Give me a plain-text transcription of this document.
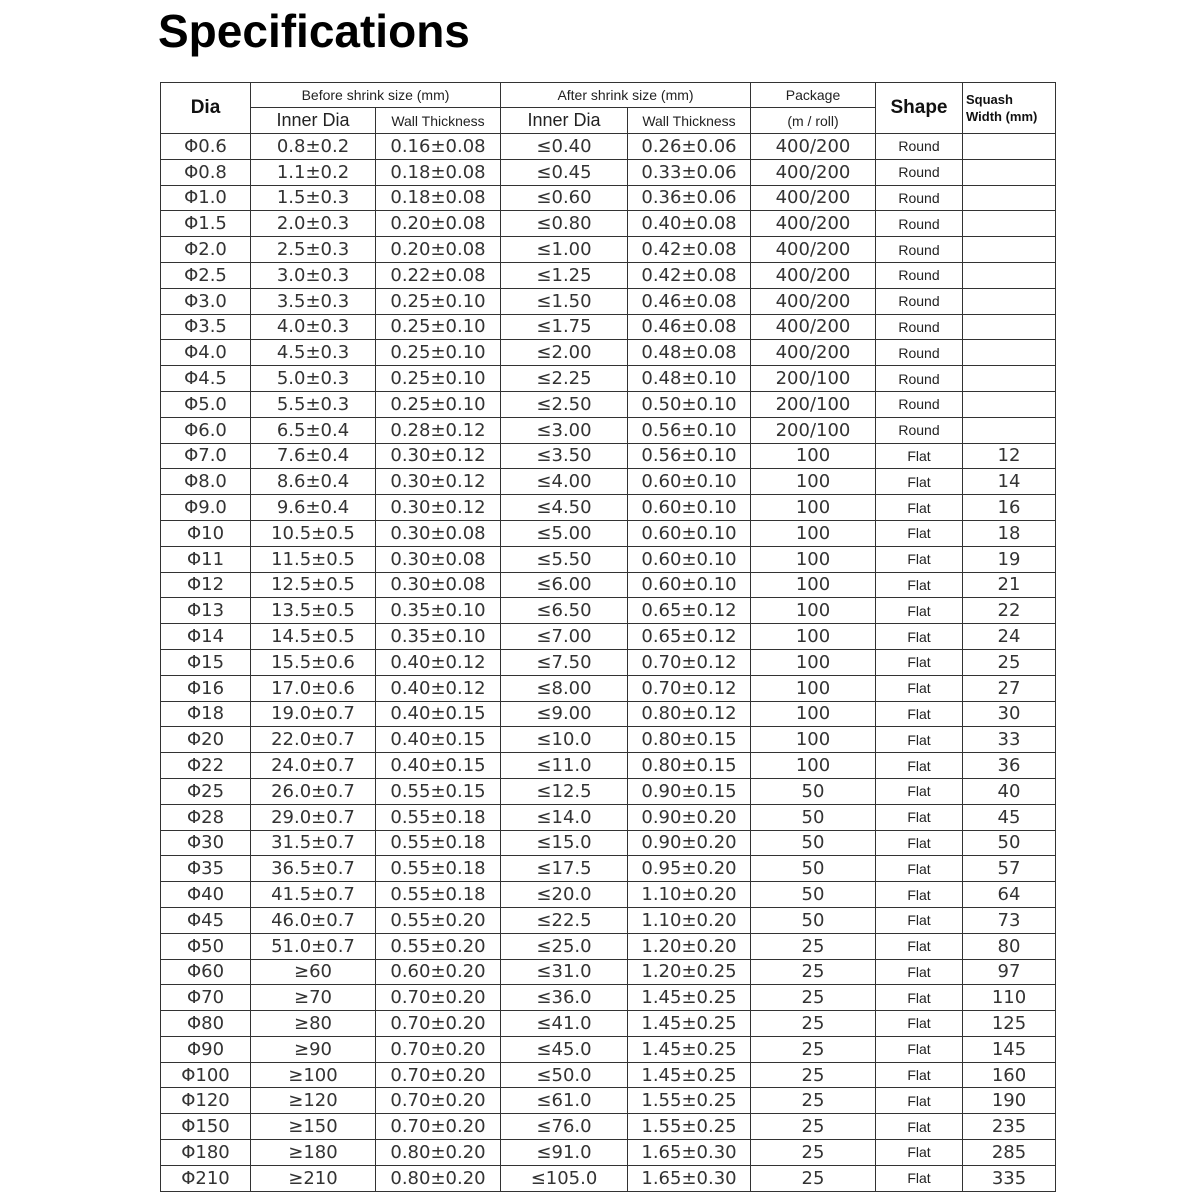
Specifications
Dia	Before shrink size (mm)		After shrink size (mm)		Package	Shape	Squash
Width (mm)

	Inner Dia	Wall Thickness	Inner Dia	Wall Thickness	(m / roll)		
Φ0.6	0.8±0.2	0.16±0.08	≤0.40	0.26±0.06	400/200	Round	
Φ0.8	1.1±0.2	0.18±0.08	≤0.45	0.33±0.06	400/200	Round	
Φ1.0	1.5±0.3	0.18±0.08	≤0.60	0.36±0.06	400/200	Round	
Φ1.5	2.0±0.3	0.20±0.08	≤0.80	0.40±0.08	400/200	Round	
Φ2.0	2.5±0.3	0.20±0.08	≤1.00	0.42±0.08	400/200	Round	
Φ2.5	3.0±0.3	0.22±0.08	≤1.25	0.42±0.08	400/200	Round	
Φ3.0	3.5±0.3	0.25±0.10	≤1.50	0.46±0.08	400/200	Round	
Φ3.5	4.0±0.3	0.25±0.10	≤1.75	0.46±0.08	400/200	Round	
Φ4.0	4.5±0.3	0.25±0.10	≤2.00	0.48±0.08	400/200	Round	
Φ4.5	5.0±0.3	0.25±0.10	≤2.25	0.48±0.10	200/100	Round	
Φ5.0	5.5±0.3	0.25±0.10	≤2.50	0.50±0.10	200/100	Round	
Φ6.0	6.5±0.4	0.28±0.12	≤3.00	0.56±0.10	200/100	Round	
Φ7.0	7.6±0.4	0.30±0.12	≤3.50	0.56±0.10	100	Flat	12
Φ8.0	8.6±0.4	0.30±0.12	≤4.00	0.60±0.10	100	Flat	14
Φ9.0	9.6±0.4	0.30±0.12	≤4.50	0.60±0.10	100	Flat	16
Φ10	10.5±0.5	0.30±0.08	≤5.00	0.60±0.10	100	Flat	18
Φ11	11.5±0.5	0.30±0.08	≤5.50	0.60±0.10	100	Flat	19
Φ12	12.5±0.5	0.30±0.08	≤6.00	0.60±0.10	100	Flat	21
Φ13	13.5±0.5	0.35±0.10	≤6.50	0.65±0.12	100	Flat	22
Φ14	14.5±0.5	0.35±0.10	≤7.00	0.65±0.12	100	Flat	24
Φ15	15.5±0.6	0.40±0.12	≤7.50	0.70±0.12	100	Flat	25
Φ16	17.0±0.6	0.40±0.12	≤8.00	0.70±0.12	100	Flat	27
Φ18	19.0±0.7	0.40±0.15	≤9.00	0.80±0.12	100	Flat	30
Φ20	22.0±0.7	0.40±0.15	≤10.0	0.80±0.15	100	Flat	33
Φ22	24.0±0.7	0.40±0.15	≤11.0	0.80±0.15	100	Flat	36
Φ25	26.0±0.7	0.55±0.15	≤12.5	0.90±0.15	50	Flat	40
Φ28	29.0±0.7	0.55±0.18	≤14.0	0.90±0.20	50	Flat	45
Φ30	31.5±0.7	0.55±0.18	≤15.0	0.90±0.20	50	Flat	50
Φ35	36.5±0.7	0.55±0.18	≤17.5	0.95±0.20	50	Flat	57
Φ40	41.5±0.7	0.55±0.18	≤20.0	1.10±0.20	50	Flat	64
Φ45	46.0±0.7	0.55±0.20	≤22.5	1.10±0.20	50	Flat	73
Φ50	51.0±0.7	0.55±0.20	≤25.0	1.20±0.20	25	Flat	80
Φ60	≥60	0.60±0.20	≤31.0	1.20±0.25	25	Flat	97
Φ70	≥70	0.70±0.20	≤36.0	1.45±0.25	25	Flat	110
Φ80	≥80	0.70±0.20	≤41.0	1.45±0.25	25	Flat	125
Φ90	≥90	0.70±0.20	≤45.0	1.45±0.25	25	Flat	145
Φ100	≥100	0.70±0.20	≤50.0	1.45±0.25	25	Flat	160
Φ120	≥120	0.70±0.20	≤61.0	1.55±0.25	25	Flat	190
Φ150	≥150	0.70±0.20	≤76.0	1.55±0.25	25	Flat	235
Φ180	≥180	0.80±0.20	≤91.0	1.65±0.30	25	Flat	285
Φ210	≥210	0.80±0.20	≤105.0	1.65±0.30	25	Flat	335
